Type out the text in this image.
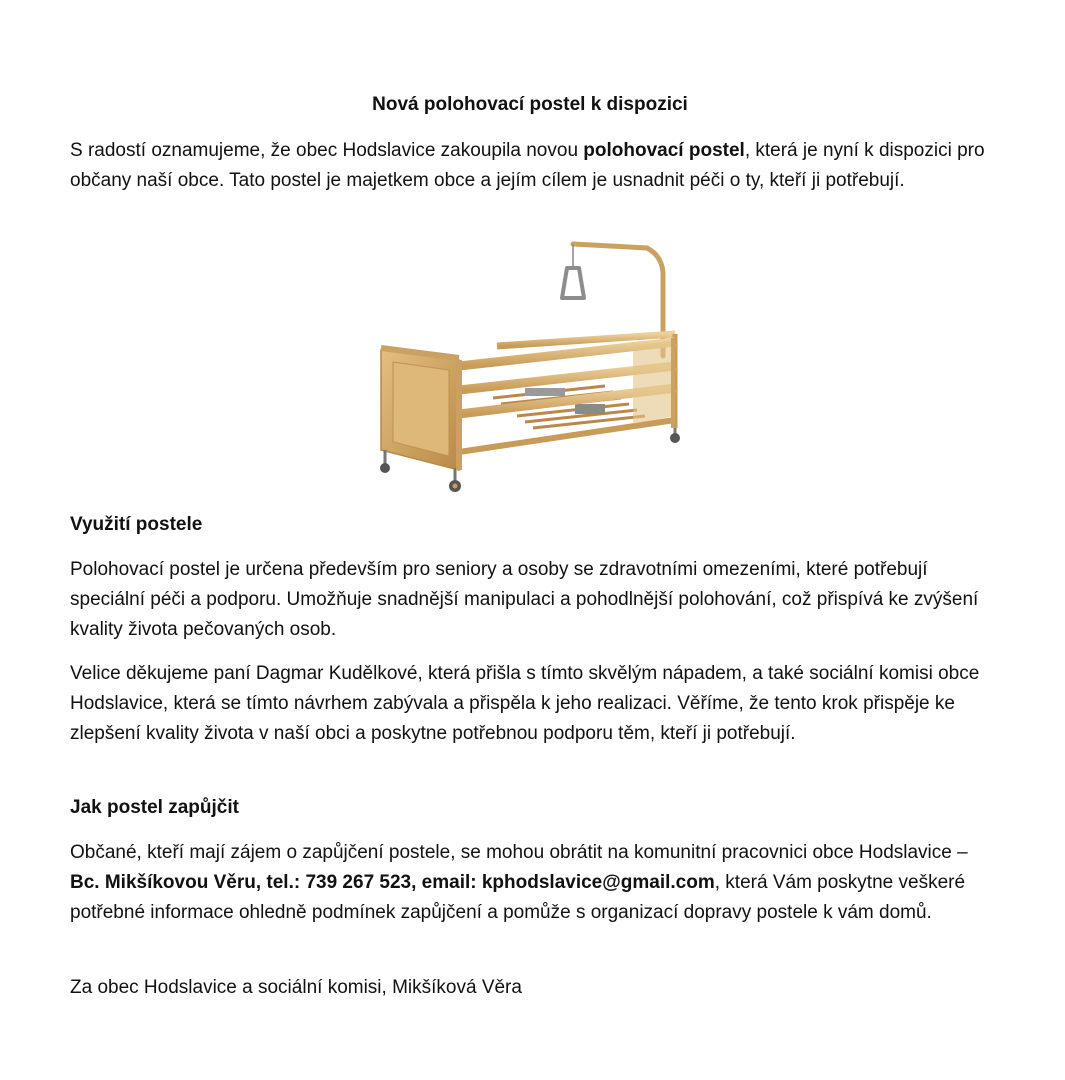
Nová polohovací postel k dispozici

S radostí oznamujeme, že obec Hodslavice zakoupila novou polohovací postel, která je nyní k dispozici pro občany naší obce. Tato postel je majetkem obce a jejím cílem je usnadnit péči o ty, kteří ji potřebují.

Využití postele

Polohovací postel je určena především pro seniory a osoby se zdravotními omezeními, které potřebují speciální péči a podporu. Umožňuje snadnější manipulaci a pohodlnější polohování, což přispívá ke zvýšení kvality života pečovaných osob.

Velice děkujeme paní Dagmar Kudělkové, která přišla s tímto skvělým nápadem, a také sociální komisi obce Hodslavice, která se tímto návrhem zabývala a přispěla k jeho realizaci. Věříme, že tento krok přispěje ke zlepšení kvality života v naší obci a poskytne potřebnou podporu těm, kteří ji potřebují.

Jak postel zapůjčit

Občané, kteří mají zájem o zapůjčení postele, se mohou obrátit na komunitní pracovnici obce Hodslavice – Bc. Mikšíkovou Věru, tel.: 739 267 523, email: kphodslavice@gmail.com, která Vám poskytne veškeré potřebné informace ohledně podmínek zapůjčení a pomůže s organizací dopravy postele k vám domů.

Za obec Hodslavice a sociální komisi, Mikšíková Věra
